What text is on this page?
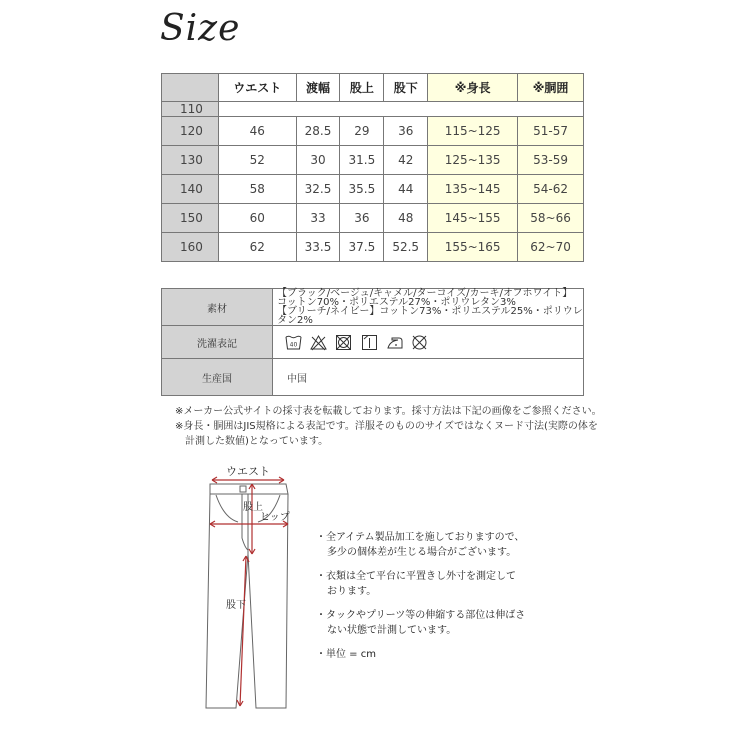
Size
	ウエスト	渡幅	股上	股下	※身長	※胴囲
110						
120	46	28.5	29	36	115~125	51-57
130	52	30	31.5	42	125~135	53-59
140	58	32.5	35.5	44	135~145	54-62
150	60	33	36	48	145~155	58~66
160	62	33.5	37.5	52.5	155~165	62~70
素材	【ブラック/ベージュ/キャメル/ターコイズ/カーキ/オフホワイト】
コットン70%・ポリエステル27%・ポリウレタン3%
【ブリーチ/ネイビー】コットン73%・ポリエステル25%・ポリウレタン2%

洗濯表記	40

生産国	中国
※メーカー公式サイトの採寸表を転載しております。採寸方法は下記の画像をご参照ください。
※身長・胴囲はJIS規格による表記です。洋服そのもののサイズではなくヌード寸法(実際の体を
計測した数値)となっています。
ウエスト
股上
ヒップ
股下
・全アイテム製品加工を施しておりますので、
多少の個体差が生じる場合がございます。
・衣類は全て平台に平置きし外寸を測定して
おります。
・タックやプリーツ等の伸縮する部位は伸ばさ
ない状態で計測しています。
・単位 = cm
